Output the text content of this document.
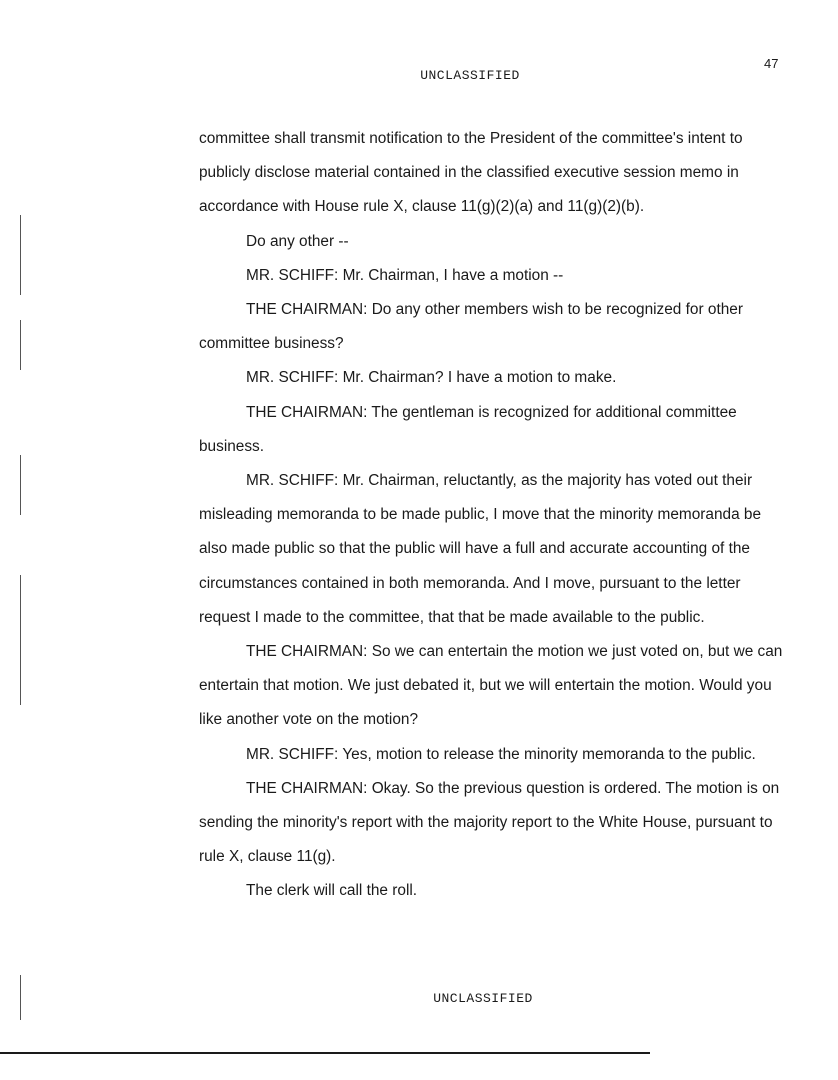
47
UNCLASSIFIED

committee shall transmit notification to the President of the committee's intent to publicly disclose material contained in the classified executive session memo in accordance with House rule X, clause 11(g)(2)(a) and 11(g)(2)(b).

Do any other --

MR. SCHIFF: Mr. Chairman, I have a motion --

THE CHAIRMAN: Do any other members wish to be recognized for other committee business?

MR. SCHIFF: Mr. Chairman? I have a motion to make.

THE CHAIRMAN: The gentleman is recognized for additional committee business.

MR. SCHIFF: Mr. Chairman, reluctantly, as the majority has voted out their misleading memoranda to be made public, I move that the minority memoranda be also made public so that the public will have a full and accurate accounting of the circumstances contained in both memoranda. And I move, pursuant to the letter request I made to the committee, that that be made available to the public.

THE CHAIRMAN: So we can entertain the motion we just voted on, but we can entertain that motion. We just debated it, but we will entertain the motion. Would you like another vote on the motion?

MR. SCHIFF: Yes, motion to release the minority memoranda to the public.

THE CHAIRMAN: Okay. So the previous question is ordered. The motion is on sending the minority's report with the majority report to the White House, pursuant to rule X, clause 11(g).

The clerk will call the roll.

UNCLASSIFIED
